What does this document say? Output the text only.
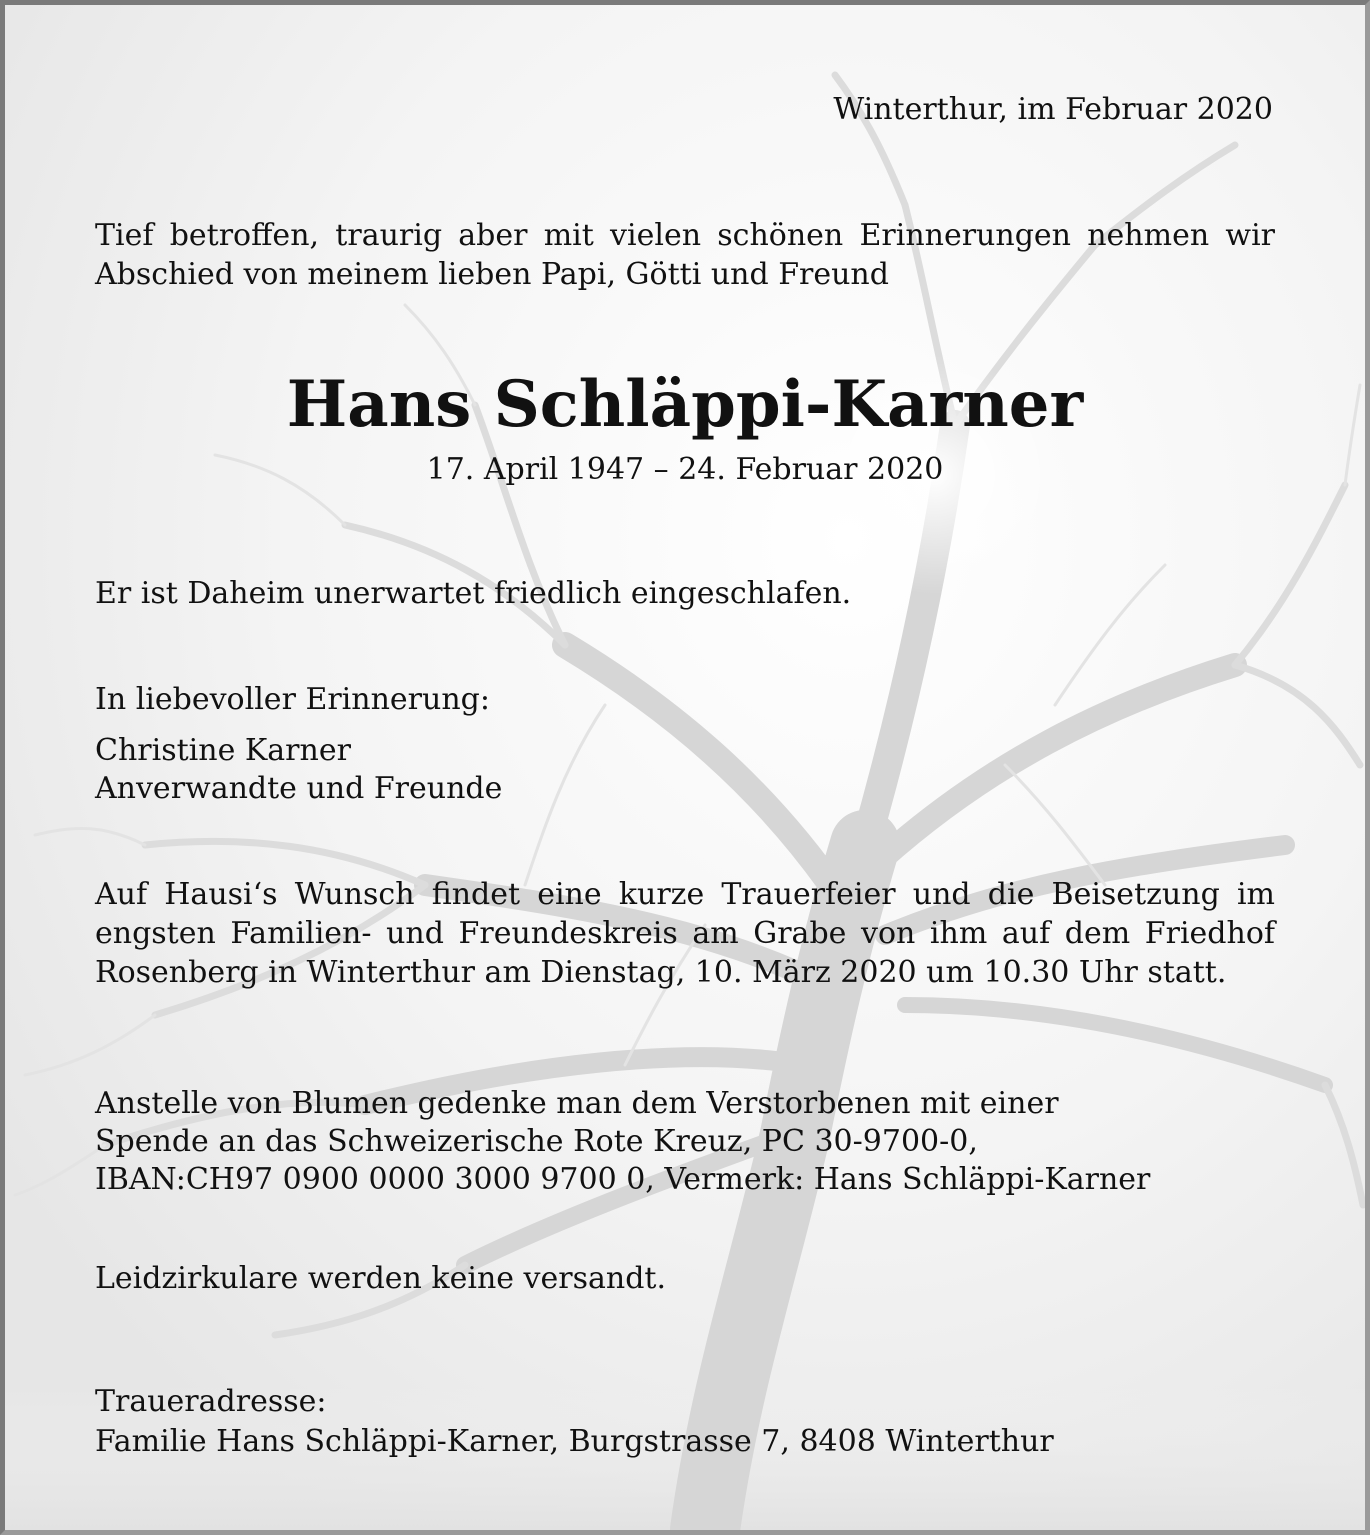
Winterthur, im Februar 2020

Tief betroffen, traurig aber mit vielen schönen Erinnerungen nehmen wir Abschied von meinem lieben Papi, Götti und Freund

Hans Schläppi-Karner

17. April 1947 – 24. Februar 2020

Er ist Daheim unerwartet friedlich eingeschlafen.

In liebevoller Erinnerung:

Christine Karner

Anverwandte und Freunde

Auf Hausi‘s Wunsch findet eine kurze Trauerfeier und die Beisetzung im engsten Familien- und Freundeskreis am Grabe von ihm auf dem Friedhof Rosenberg in Winterthur am Dienstag, 10. März 2020 um 10.30 Uhr statt.

Anstelle von Blumen gedenke man dem Verstorbenen mit einer
Spende an das Schweizerische Rote Kreuz, PC 30-9700-0,
IBAN:CH97 0900 0000 3000 9700 0, Vermerk: Hans Schläppi-Karner

Leidzirkulare werden keine versandt.

Traueradresse:

Familie Hans Schläppi-Karner, Burgstrasse 7, 8408 Winterthur
